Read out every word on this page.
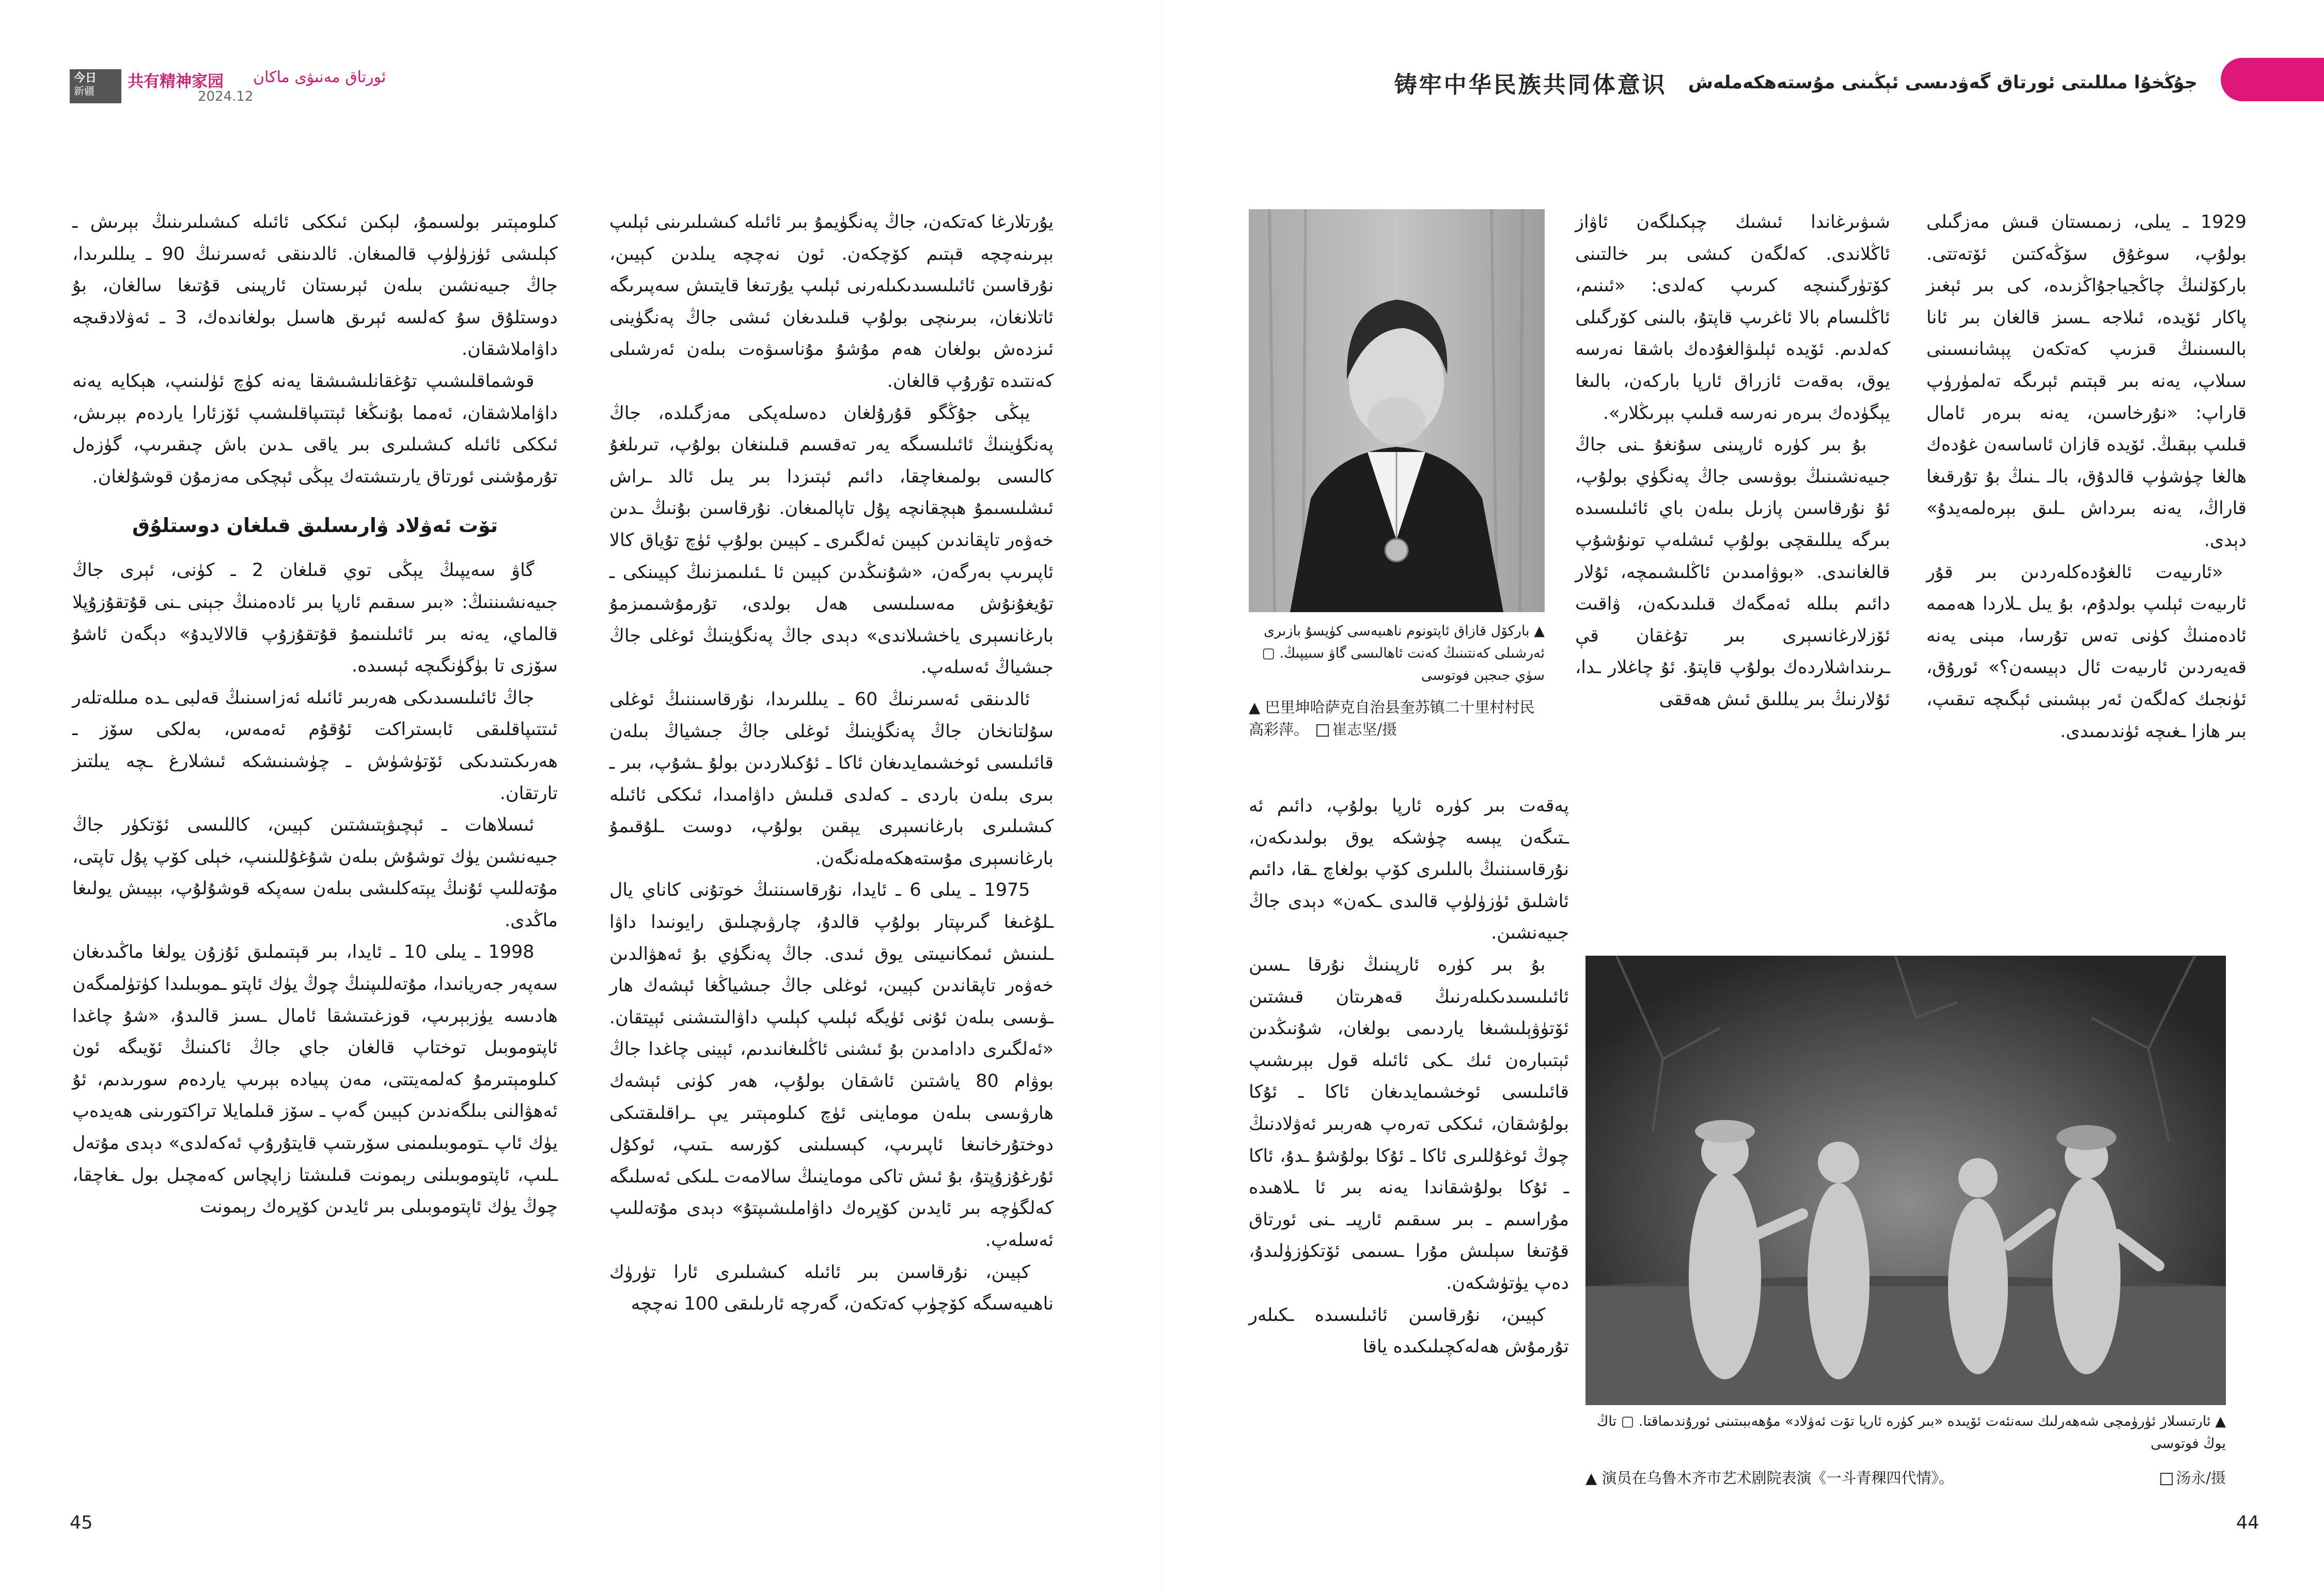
今日
新疆	共有精神家园 ئورتاق مەنىۋى ماكان
2024.12	铸牢中华民族共同体意识 جۇڭخۇا مىللىتى ئورتاق گەۋدىسى ئېڭىنى مۇستەھكەملەش

1929 ـ يىلى، زىمىستان قىش مەزگىلى بولۇپ، سوغۇق سۆڭەكتىن ئۆتەتتى. باركۆلنىڭ چاڭجياجۇاڭزىدە، كى بىر ئېغىز پاكار ئۆيدە، ئىلاجە ـسىز قالغان بىر ئانا بالىسىنىڭ قىزىپ كەتكەن پېشانىسىنى سىلاپ، يەنە بىر قېتىم ئېرىگە تەلمۈرۈپ قاراپ: «نۇرخاسىن، يەنە بىرەر ئامال قىلىپ بېقىڭ. ئۆيدە قازان ئاساسەن غۇدەك ھالغا چۈشۈپ قالدۇق، بالـ ـنىڭ بۇ تۇرقىغا قاراڭ، يەنە بىرداش ـلىق بېرەلمەيدۇ» دېدى.

«ئارىيەت ئالغۇدەكلەردىن بىر قۇر ئارىيەت ئېلىپ بولدۇم، بۇ يىل ـلاردا ھەممە ئادەمنىڭ كۈنى تەس تۇرسا، مېنى يەنە قەيەردىن ئارىيەت ئال دېيسەن؟» ئورۇق، ئۈنجىك كەلگەن ئەر بېشىنى ئېگىچە تىقىپ، بىر ھازا ـغىچە ئۈندىمىدى.

شىۋىرغاندا ئىشىك چېكىلگەن ئاۋاز ئاڭلاندى. كەلگەن كىشى بىر خالتىنى كۆتۈرگىنىچە كىرىپ كەلدى: «ئىنىم، ئاڭلىسام بالا ئاغرىپ قاپتۇ، بالىنى كۆرگىلى كەلدىم. ئۆيدە ئېلىۋالغۇدەك باشقا نەرسە يوق، بەقەت ئازراق ئارپا باركەن، بالىغا يېگۈدەك بىرەر نەرسە قىلىپ بېرىڭلار».

بۇ بىر كۈرە ئارپىنى سۇنغۇ ـنى جاڭ جىيەنشىنىڭ بوۋىسى جاڭ پەنگۈي بولۇپ، ئۇ نۇرقاسىن پازىل بىلەن باي ئائىلىسىدە بىرگە يىللىقچى بولۇپ ئىشلەپ تونۇشۇپ قالغانىدى. «بوۋامىدىن ئاڭلىشىمچە، ئۇلار دائىم بىللە ئەمگەك قىلىدىكەن، ۋاقىت ئۆزلارغانسېرى بىر تۇغقان قې ـرىنداشلاردەك بولۇپ قاپتۇ. ئۇ چاغلار ـدا، ئۇلارنىڭ بىر يىللىق ئىش ھەققى

▲ باركۆل قازاق ئاپتونوم ناھىيەسى كۈيسۇ بازىرى ئەرشىلى كەنتىنىڭ كەنت ئاھالىسى گاۋ سىيپىڭ. ▢ سۈي جىجېن فوتوسى
▲ 巴里坤哈萨克自治县奎苏镇二十里村村民高彩萍。 崔志坚/摄

پەقەت بىر كۈرە ئارپا بولۇپ، دائىم ئە ـتىگەن يېسە چۈشكە يوق بولىدىكەن، نۇرقاسىننىڭ بالىلىرى كۆپ بولغاچ ـقا، دائىم ئاشلىق ئۈزۈلۈپ قالىدى ـكەن» دېدى جاڭ جىيەنشىن.

بۇ بىر كۈرە ئارپىنىڭ نۇرقا ـسىن ئائىلىسىدىكىلەرنىڭ قەھرىتان قىشتىن ئۆتۈۋېلىشىغا ياردىمى بولغان، شۇنىڭدىن ئېتىبارەن ئىك ـكى ئائىلە قول بېرىشىپ قائىلىسى ئوخشىمايدىغان ئاكا ـ ئۇكا بولۇشقان، ئىككى تەرەپ ھەربىر ئەۋلادنىڭ چوڭ ئوغۇللىرى ئاكا ـ ئۇكا بولۇشۇ ـدۇ، ئاكا ـ ئۇكا بولۇشقاندا يەنە بىر ئا ـلاھىدە مۇراسىم ـ بىر سىقىم ئارپىـ ـنى ئورتاق قۇتىغا سېلىش مۇرا ـسىمى ئۆتكۈزۈلىدۇ، دەپ يۈتۈشكەن.

كېيىن، نۇرقاسىن ئائىلىسىدە ـكىلەر تۇرمۇش ھەلەكچىلىكىدە ياقا

▲ ئارتىسلار ئۈرۈمچى شەھەرلىك سەنئەت ئۆيىدە «بىر كۈرە ئارپا تۆت ئەۋلاد» مۇھەببىتىنى ئورۇندىماقتا. ▢ تاڭ يوڭ فوتوسى
▲ 演员在乌鲁木齐市艺术剧院表演《一斗青稞四代情》。	汤永/摄

يۇرتلارغا كەتكەن، جاڭ پەنگۈيمۇ بىر ئائىلە كىشىلىرىنى ئېلىپ بېرىنەچچە قېتىم كۆچكەن. ئون نەچچە يىلدىن كېيىن، نۇرقاسىن ئائىلىسىدىكىلەرنى ئېلىپ يۇرتىغا قايتىش سەپىرىگە ئاتلانغان، بىرىنچى بولۇپ قىلىدىغان ئىشى جاڭ پەنگۈينى ئىزدەش بولغان ھەم مۇشۇ مۇناسىۋەت بىلەن ئەرشىلى كەنتىدە تۇرۇپ قالغان.

يېڭى جۇڭگو قۇرۇلغان دەسلەپكى مەزگىلدە، جاڭ پەنگۈينىڭ ئائىلىسىگە يەر تەقسىم قىلىنغان بولۇپ، تىرىلغۇ كالىسى بولمىغاچقا، دائىم ئېتىزدا بىر يىل ئالد ـراش ئىشلىسىمۇ ھېچقانچە پۇل تاپالمىغان. نۇرقاسىن بۇنىڭ ـدىن خەۋەر تاپقاندىن كېيىن ئەلگىرى ـ كېيىن بولۇپ ئۈچ تۇياق كالا ئاپىرىپ بەرگەن، «شۇنىڭدىن كېيىن ئا ـئىلىمىزنىڭ كېيىنكى ـ تۇيغۇنۇش مەسىلىسى ھەل بولدى، تۇرمۇشىمىزمۇ بارغانسېرى ياخشىلاندى» دېدى جاڭ پەنگۈينىڭ ئوغلى جاڭ جىشياڭ ئەسلەپ.

ئالدىنقى ئەسىرنىڭ 60 ـ يىللىرىدا، نۇرقاسىننىڭ ئوغلى سۇلتانخان جاڭ پەنگۈينىڭ ئوغلى جاڭ جىشياڭ بىلەن قائىلىسى ئوخشىمايدىغان ئاكا ـ ئۇكىلاردىن بولۇ ـشۇپ، بىر ـ بىرى بىلەن باردى ـ كەلدى قىلىش داۋامىدا، ئىككى ئائىلە كىشىلىرى بارغانسېرى يېقىن بولۇپ، دوست ـلۇقىمۇ بارغانسېرى مۇستەھكەملەنگەن.

1975 ـ يىلى 6 ـ ئايدا، نۇرقاسىننىڭ خوتۇنى كاناي يال ـلۇغىغا گىرىپتار بولۇپ قالدۇ، چارۋىچىلىق رايونىدا داۋا ـلىنىش ئىمكانىيىتى يوق ئىدى. جاڭ پەنگۈي بۇ ئەھۋالدىن خەۋەر تاپقاندىن كېيىن، ئوغلى جاڭ جىشياڭغا ئېشەك ھار ـۋىسى بىلەن ئۇنى ئۈيگە ئېلىپ كېلىپ داۋالىتىشنى ئېيتقان. «ئەلگىرى دادامدىن بۇ ئىشنى ئاڭلىغانىدىم، ئېينى چاغدا جاڭ بوۋام 80 ياشتىن ئاشقان بولۇپ، ھەر كۈنى ئېشەك ھارۋىسى بىلەن موماينى ئۈچ كىلومېتىر يې ـراقلىقتىكى دوختۇرخانىغا ئاپىرىپ، كېسىلىنى كۆرسە ـتىپ، ئوكۇل ئۇرغۇزۇپتۇ، بۇ ئىش تاكى موماينىڭ سالامەت ـلىكى ئەسلىگە كەلگۈچە بىر ئايدىن كۆپرەك داۋاملىشىپتۇ» دېدى مۇتەللىپ ئەسلەپ.

كېيىن، نۇرقاسىن بىر ئائىلە كىشىلىرى ئارا تۈرۈك ناھىيەسىگە كۆچۈپ كەتكەن، گەرچە ئارىلىقى 100 نەچچە

كىلومېتىر بولسىمۇ، لېكىن ئىككى ئائىلە كىشىلىرىنىڭ بېرىش ـ كېلىشى ئۈزۈلۈپ قالمىغان. ئالدىنقى ئەسىرنىڭ 90 ـ يىللىرىدا، جاڭ جىيەنشىن بىلەن ئېرىستان ئارپىنى قۇتىغا سالغان، بۇ دوستلۇق سۇ كەلسە ئېرىق ھاسىل بولغاندەك، 3 ـ ئەۋلادقىچە داۋاملاشقان.

قوشماقلىشىپ تۇغقانلىشىشقا يەنە كۈچ ئۈلىنىپ، ھېكايە يەنە داۋاملاشقان، ئەمما بۇنىڭغا ئېتتىپاقلىشىپ ئۆزئارا ياردەم بېرىش، ئىككى ئائىلە كىشىلىرى بىر ياقى ـدىن باش چىقىرىپ، گۈزەل تۇرمۇشنى ئورتاق يارىتىشتەك يېڭى ئېچكى مەزمۇن قوشۇلغان.

تۆت ئەۋلاد ۋارىسلىق قىلغان دوستلۇق

گاۋ سەيپىڭ يېڭى توي قىلغان 2 ـ كۈنى، ئېرى جاڭ جىيەنشىننىڭ: «بىر سىقىم ئارپا بىر ئادەمنىڭ جېنى ـنى قۇتقۇزۇپلا قالماي، يەنە بىر ئائىلىنىمۇ قۇتقۇزۇپ قالالايدۇ» دېگەن ئاشۇ سۆزى تا بۈگۈنگىچە ئېسىدە.

جاڭ ئائىلىسىدىكى ھەربىر ئائىلە ئەزاسىنىڭ قەلبى ـدە مىللەتلەر ئىتتىپاقلىقى ئابستراكت ئۇقۇم ئەمەس، بەلكى سۆز ـ ھەرىكىتىدىكى ئۆتۈشۈش ـ چۈشىنىشكە ئىشلارغ ـچە يىلتىز تارتقان.

ئىسلاھات ـ ئېچىۋېتىشتىن كېيىن، كاللىسى ئۆتكۈر جاڭ جىيەنشىن يۈك توشۇش بىلەن شۇغۇللىنىپ، خېلى كۆپ پۇل تاپتى، مۇتەللىپ ئۇنىڭ يېتەكلىشى بىلەن سەپكە قوشۇلۇپ، بېيىش يولىغا ماڭدى.

1998 ـ يىلى 10 ـ ئايدا، بىر قېتىملىق ئۇزۇن يولغا ماڭىدىغان سەپەر جەريانىدا، مۇتەللىپنىڭ چوڭ يۈك ئاپتو ـموبىلىدا كۈتۈلمىگەن ھادىسە يۈزبېرىپ، قوزغىتىشقا ئامال ـسىز قالىدۇ، «شۇ چاغدا ئاپتوموبىل توختاپ قالغان جاي جاڭ ئاكىنىڭ ئۆيىگە ئون كىلومېتىرمۇ كەلمەيتتى، مەن پىيادە بېرىپ ياردەم سورىدىم، ئۇ ئەھۋالنى بىلگەندىن كېيىن گەپ ـ سۆز قىلمايلا تراكتورىنى ھەيدەپ يۈك ئاپ ـتوموبىلىمنى سۆرىتىپ قايتۇرۇپ ئەكەلدى» دېدى مۇتەل ـلىپ، ئاپتوموبىلنى رېمونت قىلىشتا زاپچاس كەمچىل بول ـغاچقا، چوڭ يۈك ئاپتوموبىلى بىر ئايدىن كۆپرەك رېمونت

45	44
